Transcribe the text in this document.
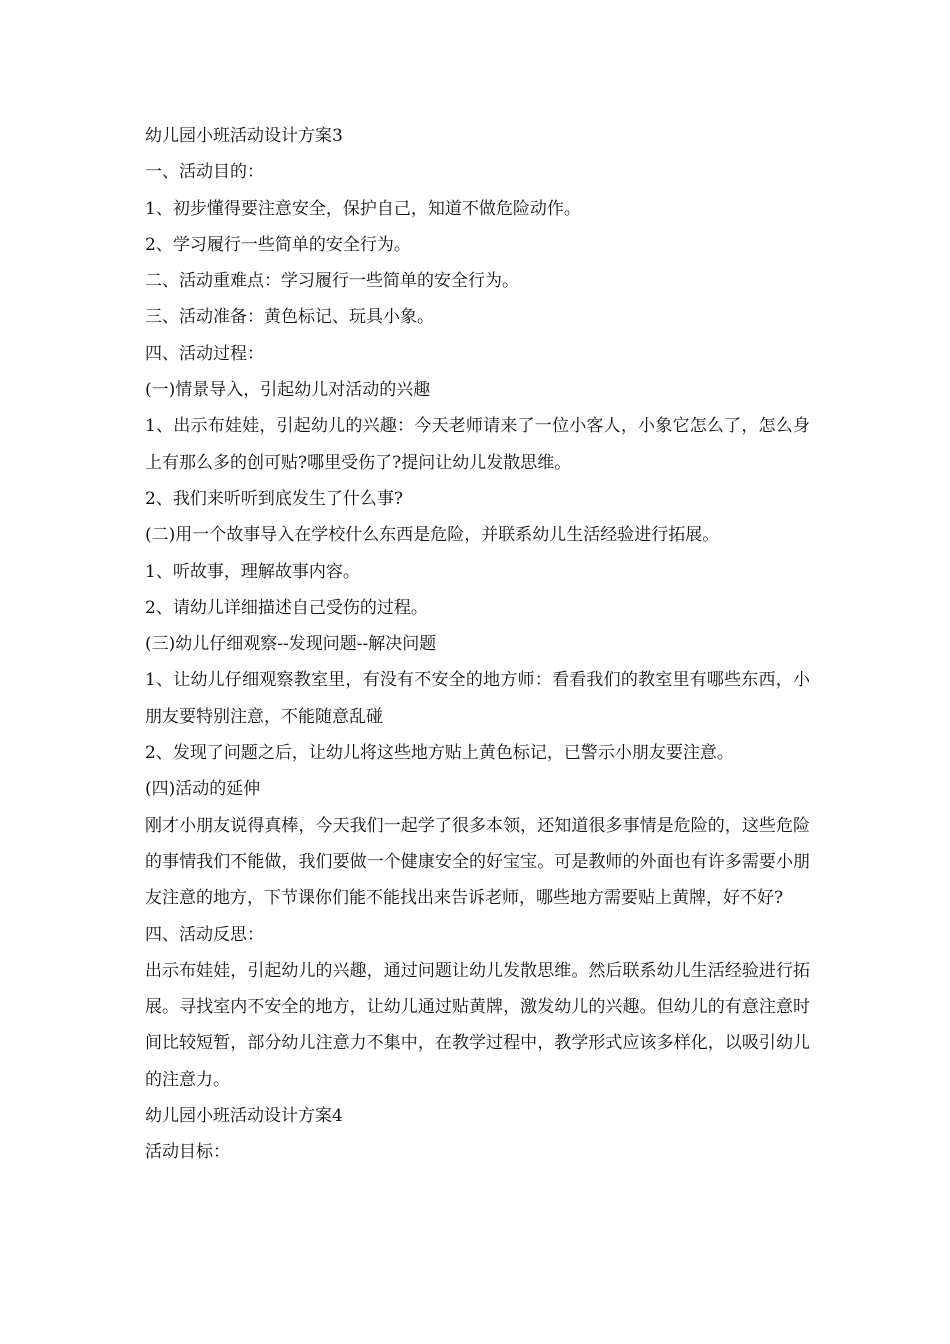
幼儿园小班活动设计方案3

一、活动目的：

1、初步懂得要注意安全，保护自己，知道不做危险动作。

2、学习履行一些简单的安全行为。

二、活动重难点：学习履行一些简单的安全行为。

三、活动准备：黄色标记、玩具小象。

四、活动过程：

(一)情景导入，引起幼儿对活动的兴趣

1、出示布娃娃，引起幼儿的兴趣：今天老师请来了一位小客人，小象它怎么了，怎么身上有那么多的创可贴?哪里受伤了?提问让幼儿发散思维。

2、我们来听听到底发生了什么事?

(二)用一个故事导入在学校什么东西是危险，并联系幼儿生活经验进行拓展。

1、听故事，理解故事内容。

2、请幼儿详细描述自己受伤的过程。

(三)幼儿仔细观察--发现问题--解决问题

1、让幼儿仔细观察教室里，有没有不安全的地方师：看看我们的教室里有哪些东西，小朋友要特别注意，不能随意乱碰

2、发现了问题之后，让幼儿将这些地方贴上黄色标记，已警示小朋友要注意。

(四)活动的延伸

刚才小朋友说得真棒，今天我们一起学了很多本领，还知道很多事情是危险的，这些危险的事情我们不能做，我们要做一个健康安全的好宝宝。可是教师的外面也有许多需要小朋友注意的地方，下节课你们能不能找出来告诉老师，哪些地方需要贴上黄牌，好不好?

四、活动反思：

出示布娃娃，引起幼儿的兴趣，通过问题让幼儿发散思维。然后联系幼儿生活经验进行拓展。寻找室内不安全的地方，让幼儿通过贴黄牌，激发幼儿的兴趣。但幼儿的有意注意时间比较短暂，部分幼儿注意力不集中，在教学过程中，教学形式应该多样化，以吸引幼儿的注意力。

幼儿园小班活动设计方案4

活动目标：
